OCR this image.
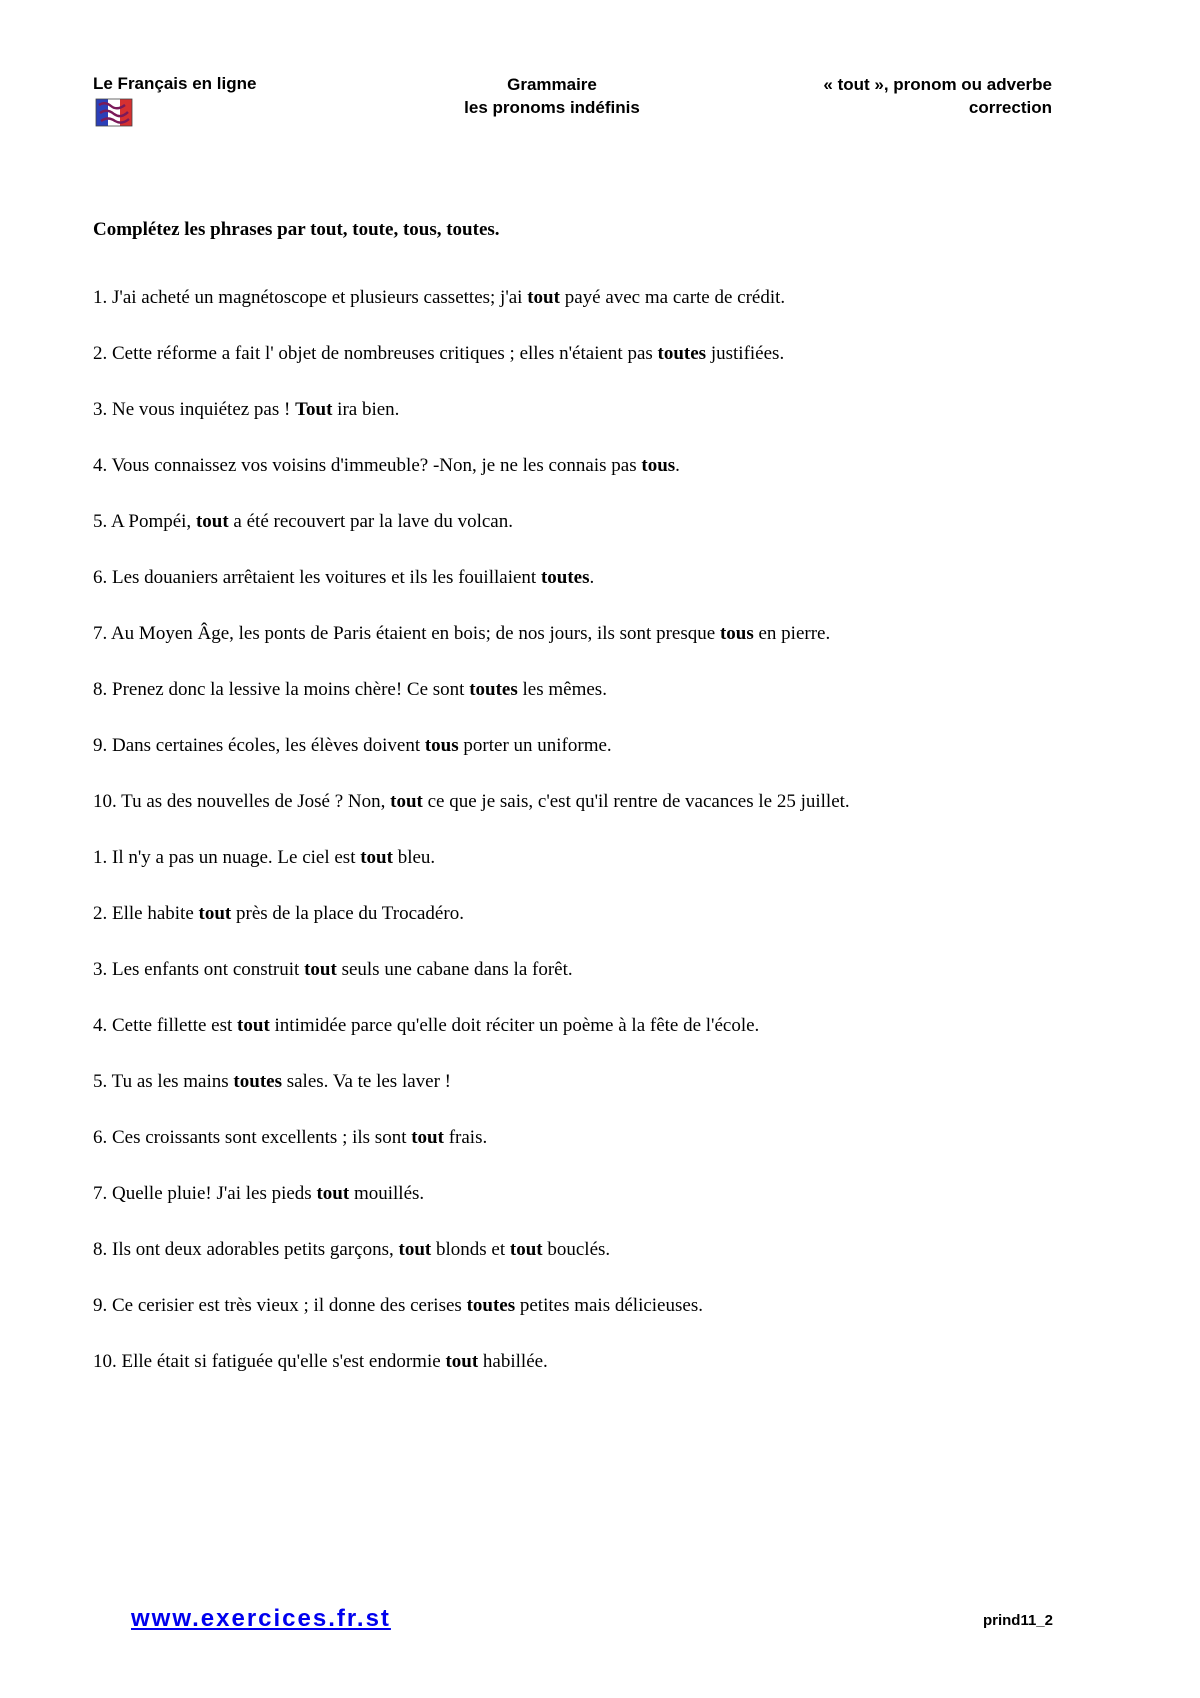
Le Français en ligne	Grammaire
les pronoms indéfinis
« tout », pronom ou adverbe
correction

Complétez les phrases par tout, toute, tous, toutes.

1. J'ai acheté un magnétoscope et plusieurs cassettes; j'ai tout payé avec ma carte de crédit.
2. Cette réforme a fait l' objet de nombreuses critiques ; elles n'étaient pas toutes justifiées.
3. Ne vous inquiétez pas ! Tout ira bien.
4. Vous connaissez vos voisins d'immeuble? -Non, je ne les connais pas tous.
5. A Pompéi, tout a été recouvert par la lave du volcan.
6. Les douaniers arrêtaient les voitures et ils les fouillaient toutes.
7. Au Moyen Âge, les ponts de Paris étaient en bois; de nos jours, ils sont presque tous en pierre.
8. Prenez donc la lessive la moins chère! Ce sont toutes les mêmes.
9. Dans certaines écoles, les élèves doivent tous porter un uniforme.
10. Tu as des nouvelles de José ? Non, tout ce que je sais, c'est qu'il rentre de vacances le 25 juillet.
1. Il n'y a pas un nuage. Le ciel est tout bleu.
2. Elle habite tout près de la place du Trocadéro.
3. Les enfants ont construit tout seuls une cabane dans la forêt.
4. Cette fillette est tout intimidée parce qu'elle doit réciter un poème à la fête de l'école.
5. Tu as les mains toutes sales. Va te les laver !
6. Ces croissants sont excellents ; ils sont tout frais.
7. Quelle pluie! J'ai les pieds tout mouillés.
8. Ils ont deux adorables petits garçons, tout blonds et tout bouclés.
9. Ce cerisier est très vieux ; il donne des cerises toutes petites mais délicieuses.
10. Elle était si fatiguée qu'elle s'est endormie tout habillée.
www.exercices.fr.st	prind11_2
